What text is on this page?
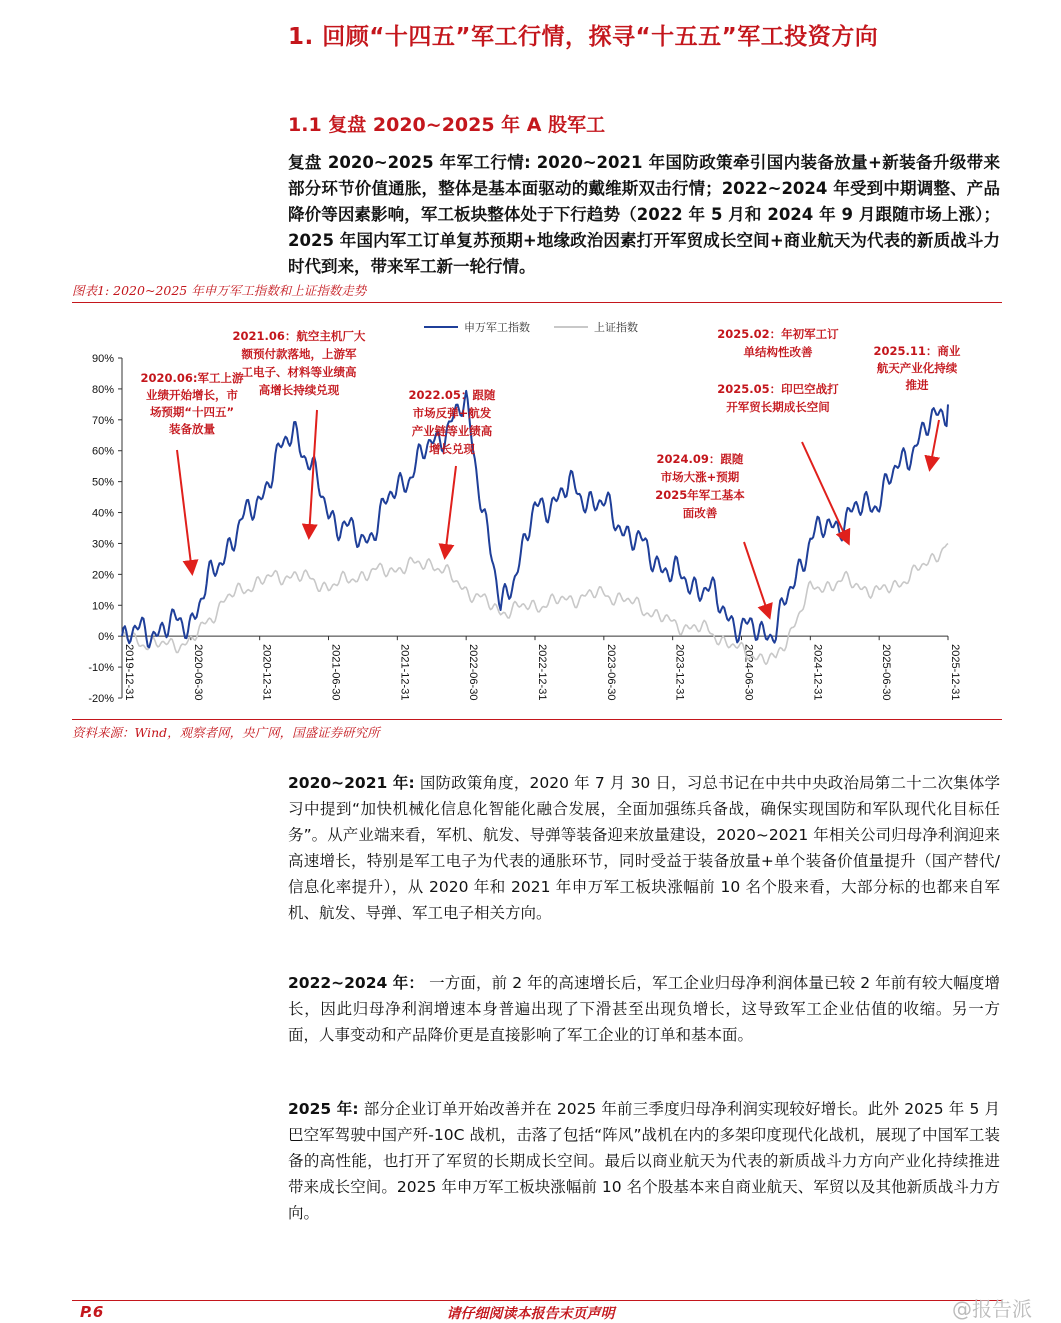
1. 回顾“十四五”军工行情，探寻“十五五”军工投资方向
1.1 复盘 2020~2025 年 A 股军工
复盘 2020~2025 年军工行情: 2020~2021 年国防政策牵引国内装备放量+新装备升级带来部分环节价值通胀，整体是基本面驱动的戴维斯双击行情；2022~2024 年受到中期调整、产品降价等因素影响，军工板块整体处于下行趋势（2022 年 5 月和 2024 年 9 月跟随市场上涨）；2025 年国内军工订单复苏预期+地缘政治因素打开军贸成长空间+商业航天为代表的新质战斗力时代到来，带来军工新一轮行情。
图表1: 2020~2025 年申万军工指数和上证指数走势
90%
80%
70%
60%
50%
40%
30%
20%
10%
0%
-10%
-20% 2019-12-31	2020-06-30	2020-12-31	2021-06-30	2021-12-31	2022-06-30	2022-12-31	2023-06-30	2023-12-31	2024-06-30	2024-12-31	2025-06-30	2025-12-31
申万军工指数	上证指数
2020.06:军工上游
业绩开始增长，市
场预期“十四五”
装备放量
2021.06：航空主机厂大
额预付款落地，上游军
工电子、材料等业绩高
高增长持续兑现	2022.05：跟随
市场反弹+航发
产业链等业绩高
增长兑现
2024.09：跟随
市场大涨+预期
2025年军工基本
面改善
2025.02：年初军工订
单结构性改善
2025.05：印巴空战打
开军贸长期成长空间
2025.11：商业
航天产业化持续
推进
资料来源：Wind，观察者网，央广网，国盛证券研究所
2020~2021 年: 国防政策角度，2020 年 7 月 30 日，习总书记在中共中央政治局第二十二次集体学习中提到“加快机械化信息化智能化融合发展，全面加强练兵备战，确保实现国防和军队现代化目标任务”。从产业端来看，军机、航发、导弹等装备迎来放量建设，2020~2021 年相关公司归母净利润迎来高速增长，特别是军工电子为代表的通胀环节，同时受益于装备放量+单个装备价值量提升（国产替代/信息化率提升），从 2020 年和 2021 年申万军工板块涨幅前 10 名个股来看，大部分标的也都来自军机、航发、导弹、军工电子相关方向。
2022~2024 年： 一方面，前 2 年的高速增长后，军工企业归母净利润体量已较 2 年前有较大幅度增长，因此归母净利润增速本身普遍出现了下滑甚至出现负增长，这导致军工企业估值的收缩。另一方面，人事变动和产品降价更是直接影响了军工企业的订单和基本面。
2025 年: 部分企业订单开始改善并在 2025 年前三季度归母净利润实现较好增长。此外 2025 年 5 月巴空军驾驶中国产歼-10C 战机，击落了包括“阵风”战机在内的多架印度现代化战机，展现了中国军工装备的高性能，也打开了军贸的长期成长空间。最后以商业航天为代表的新质战斗力方向产业化持续推进带来成长空间。2025 年申万军工板块涨幅前 10 名个股基本来自商业航天、军贸以及其他新质战斗力方向。
P.6	请仔细阅读本报告末页声明	@报告派
